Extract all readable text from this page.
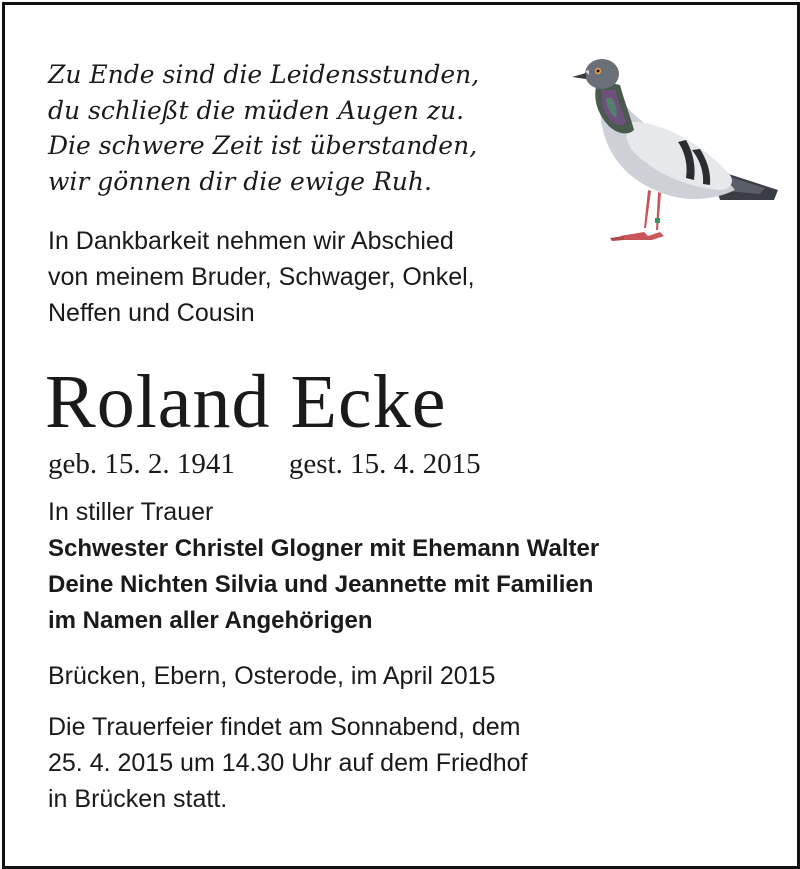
Zu Ende sind die Leidensstunden,
du schließt die müden Augen zu.
Die schwere Zeit ist überstanden,
wir gönnen dir die ewige Ruh.
In Dankbarkeit nehmen wir Abschied
von meinem Bruder, Schwager, Onkel,
Neffen und Cousin
Roland Ecke
geb. 15. 2. 1941 gest. 15. 4. 2015
In stiller Trauer
Schwester Christel Glogner mit Ehemann Walter
Deine Nichten Silvia und Jeannette mit Familien
im Namen aller Angehörigen
Brücken, Ebern, Osterode, im April 2015
Die Trauerfeier findet am Sonnabend, dem
25. 4. 2015 um 14.30 Uhr auf dem Friedhof
in Brücken statt.
